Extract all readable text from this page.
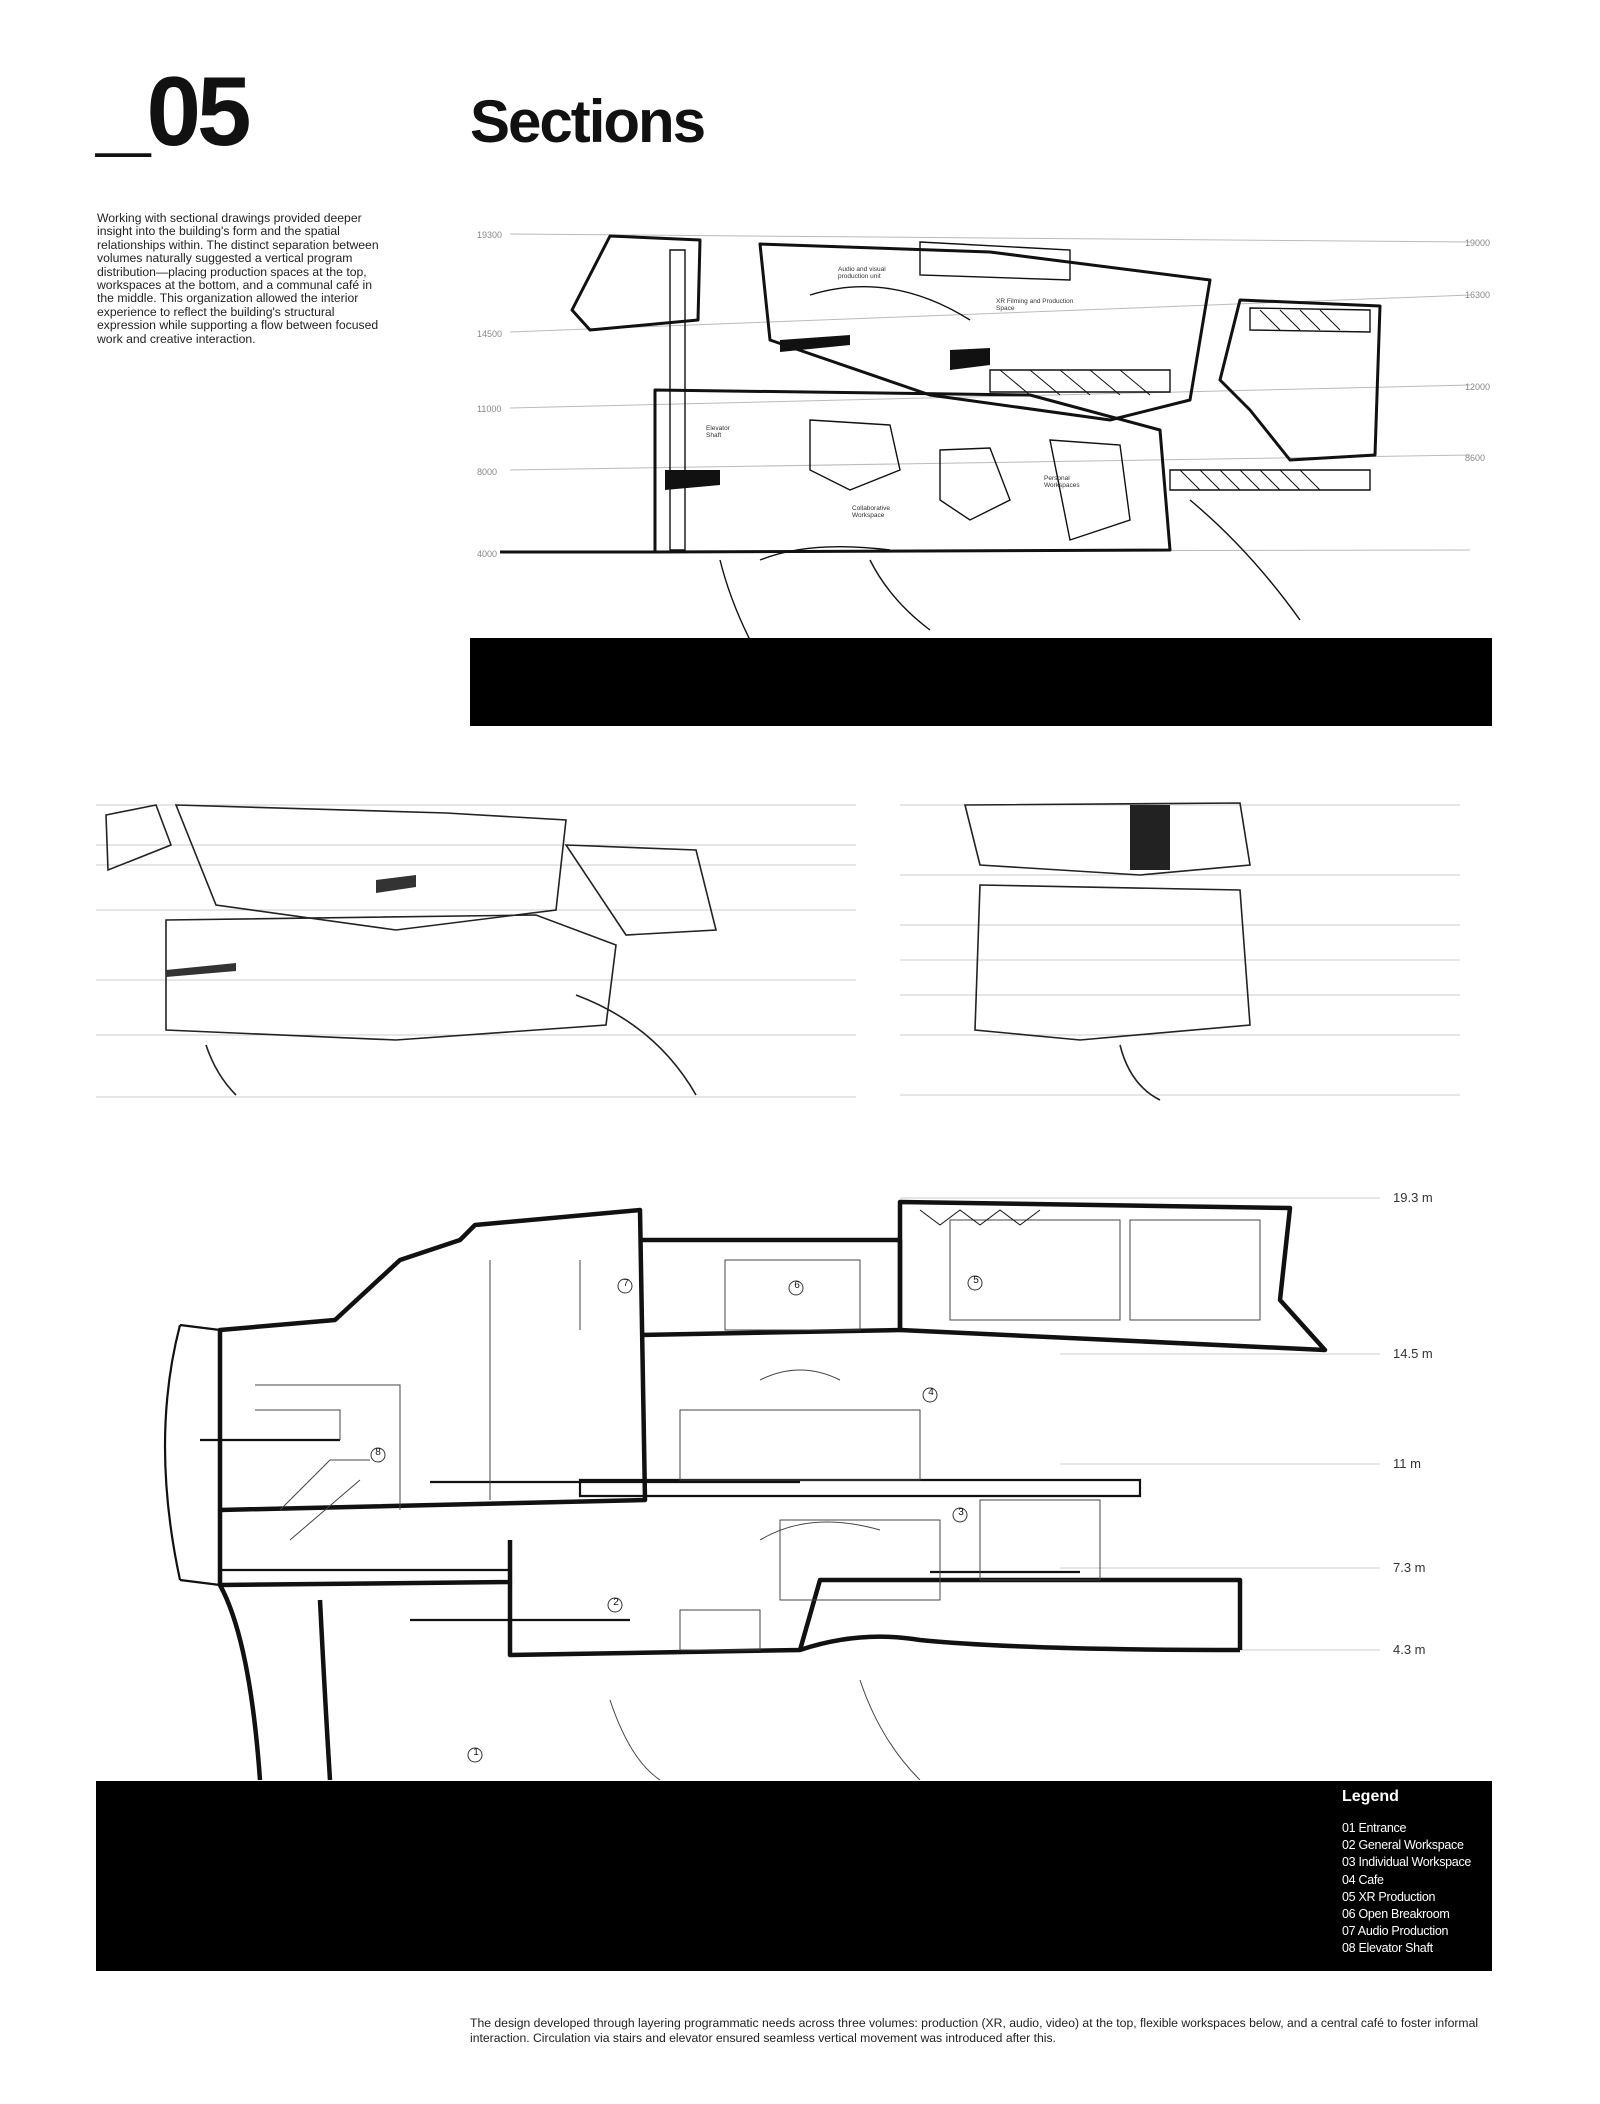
_05	Sections
Working with sectional drawings provided deeper insight into the building's form and the spatial relationships within. The distinct separation between volumes naturally suggested a vertical program distribution—placing production spaces at the top, workspaces at the bottom, and a communal café in the middle. This organization allowed the interior experience to reflect the building's structural expression while supporting a flow between focused work and creative interaction.
1
2
3
4
5
6
7
8
19300
14500
11000
8000
4000
19000
16300
12000
8600
Audio and visual production unit
XR Filming and Production Space
Elevator Shaft
Collaborative Workspace
Personal Workspaces
19.3 m
14.5 m
11 m
7.3 m
4.3 m
Legend
01 Entrance
02 General Workspace
03 Individual Workspace
04 Cafe
05 XR Production
06 Open Breakroom
07 Audio Production
08 Elevator Shaft
The design developed through layering programmatic needs across three volumes: production (XR, audio, video) at the top, flexible workspaces below, and a central café to foster informal interaction. Circulation via stairs and elevator ensured seamless vertical movement was introduced after this.
